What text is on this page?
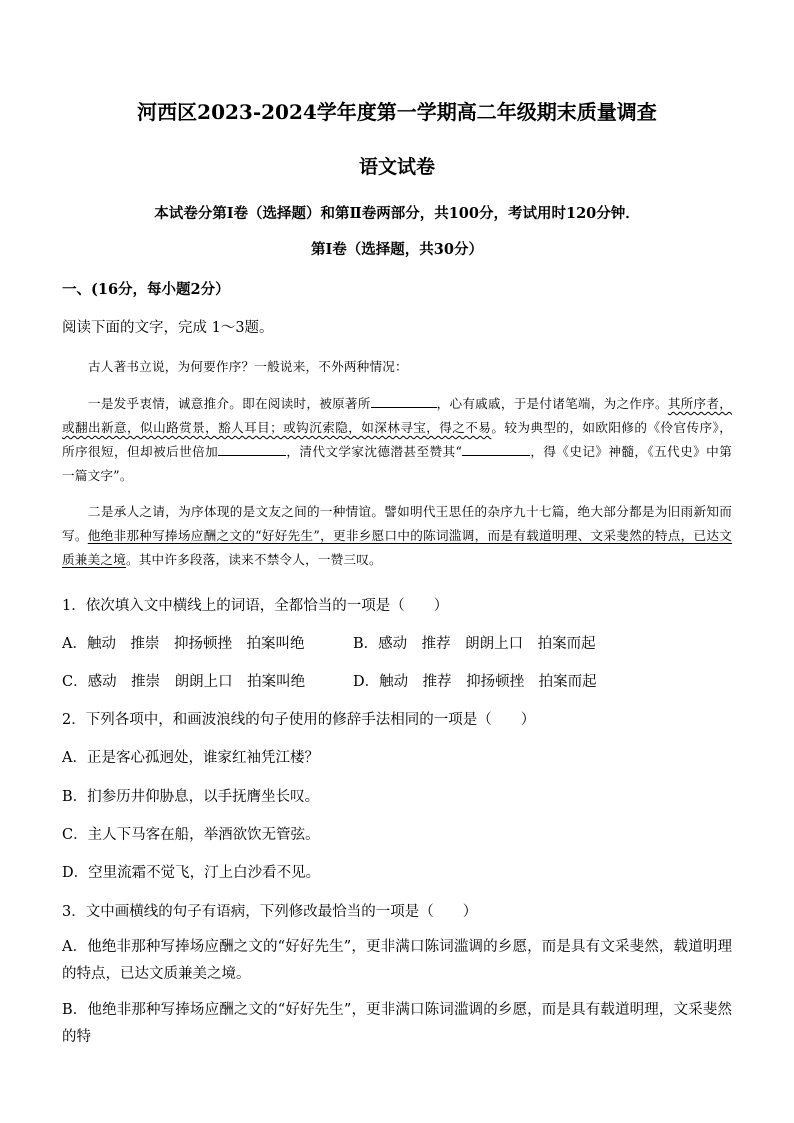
河西区2023-2024学年度第一学期高二年级期末质量调查
语文试卷
本试卷分第Ⅰ卷（选择题）和第Ⅱ卷两部分，共100分，考试用时120分钟．
第Ⅰ卷（选择题，共30分）
一、(16分，每小题2分）
阅读下面的文字，完成 1～3题。
古人著书立说，为何要作序？一般说来，不外两种情况：
一是发乎衷情，诚意推介。即在阅读时，被原著所	，心有戚戚，于是付诸笔端，为之作序。其所序者，或翻出新意，似山路赏景，豁人耳目；或钩沉索隐，如深林寻宝，得之不易。较为典型的，如欧阳修的《伶官传序》，所序很短，但却被后世倍加	，清代文学家沈德潜甚至赞其“	，得《史记》神髓，《五代史》中第一篇文字”。
二是承人之请，为序体现的是文友之间的一种情谊。譬如明代王思任的杂序九十七篇，绝大部分都是为旧雨新知而写。他绝非那种写捧场应酬之文的“好好先生”，更非乡愿口中的陈词滥调，而是有载道明理、文采斐然的特点，已达文质兼美之境。其中许多段落，读来不禁令人，一赞三叹。
1．依次填入文中横线上的词语，全都恰当的一项是（　　）
A．触动　推崇　抑扬顿挫　拍案叫绝	B．感动　推荐　朗朗上口　拍案而起
C．感动　推崇　朗朗上口　拍案叫绝	D．触动　推荐　抑扬顿挫　拍案而起
2．下列各项中，和画波浪线的句子使用的修辞手法相同的一项是（　　）
A．正是客心孤迥处，谁家红袖凭江楼？
B．扪参历井仰胁息，以手抚膺坐长叹。
C．主人下马客在船，举酒欲饮无管弦。
D．空里流霜不觉飞，汀上白沙看不见。
3．文中画横线的句子有语病，下列修改最恰当的一项是（　　）
A．他绝非那种写捧场应酬之文的“好好先生”，更非满口陈词滥调的乡愿，而是具有文采斐然，载道明理的特点，已达文质兼美之境。
B．他绝非那种写捧场应酬之文的“好好先生”，更非满口陈词滥调的乡愿，而是具有载道明理，文采斐然的特
